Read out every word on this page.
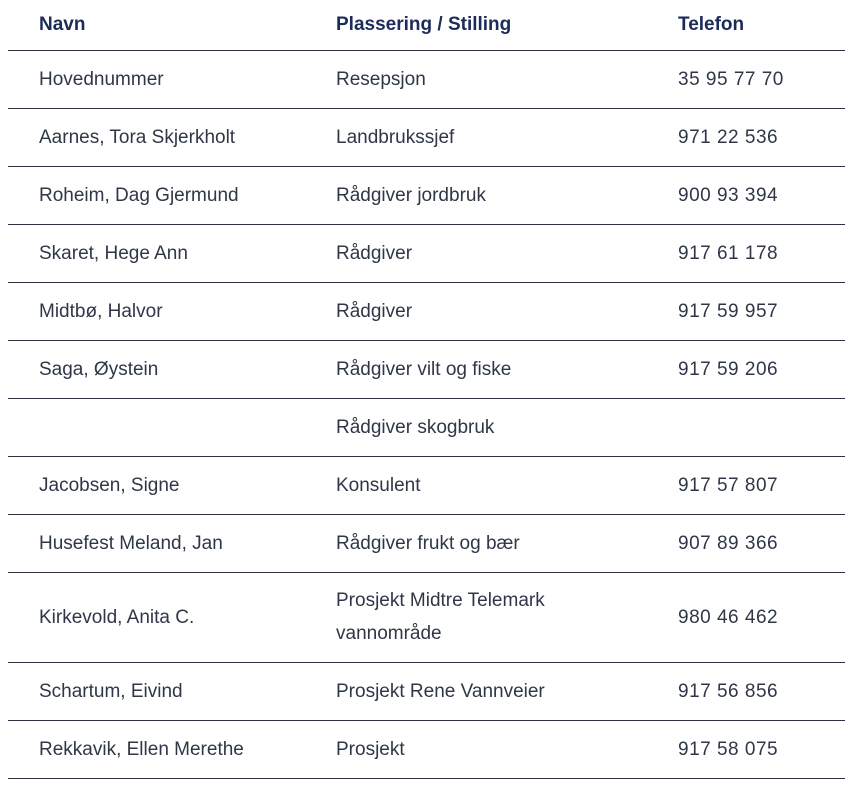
Navn	Plassering / Stilling	Telefon
Hovednummer	Resepsjon	35 95 77 70
Aarnes, Tora Skjerkholt	Landbrukssjef	971 22 536
Roheim, Dag Gjermund	Rådgiver jordbruk	900 93 394
Skaret, Hege Ann	Rådgiver	917 61 178
Midtbø, Halvor	Rådgiver	917 59 957
Saga, Øystein	Rådgiver vilt og fiske	917 59 206
	Rådgiver skogbruk	
Jacobsen, Signe	Konsulent	917 57 807
Husefest Meland, Jan	Rådgiver frukt og bær	907 89 366
Kirkevold, Anita C.	Prosjekt Midtre Telemark vannområde	980 46 462
Schartum, Eivind	Prosjekt Rene Vannveier	917 56 856
Rekkavik, Ellen Merethe	Prosjekt	917 58 075
